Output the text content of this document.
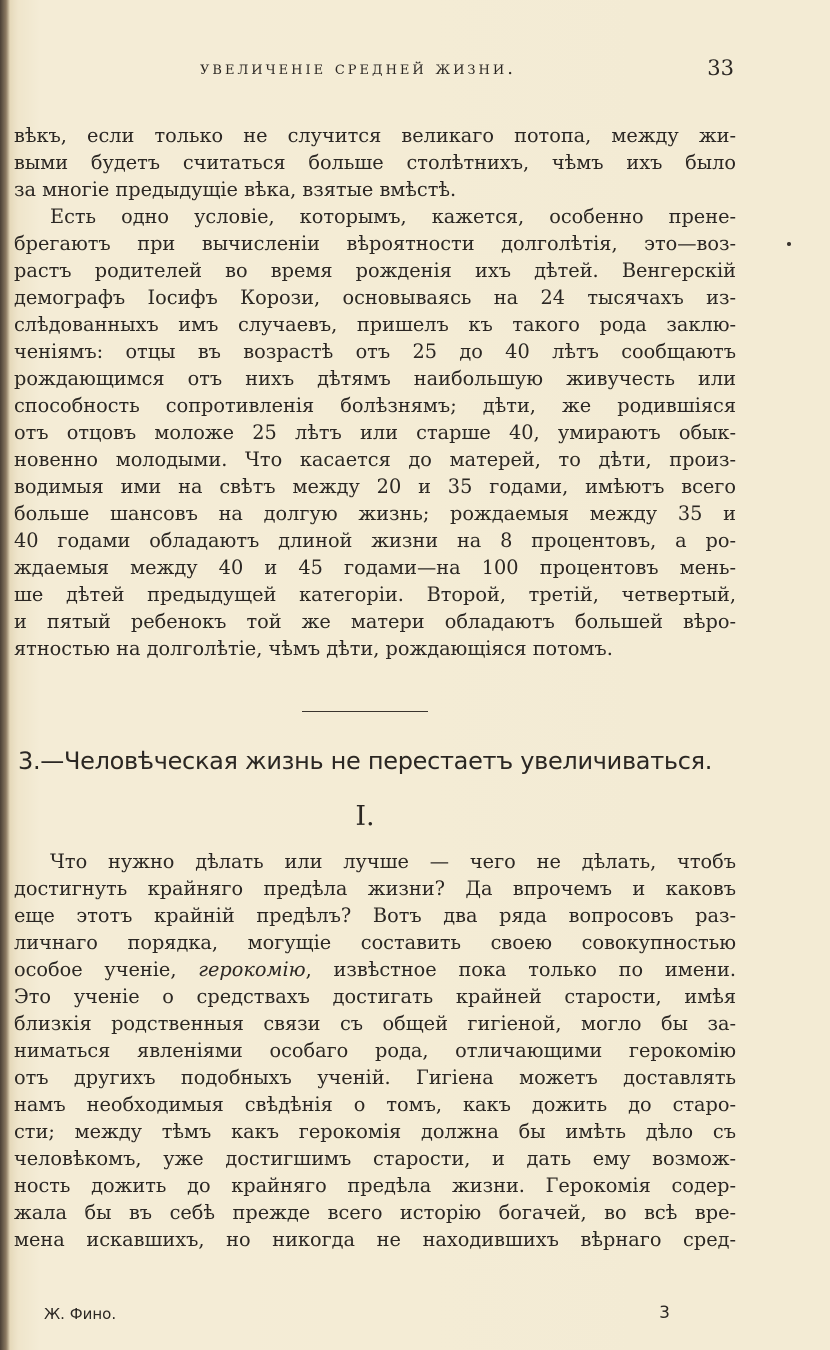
увеличеніе средней жизни.	33

вѣкъ, если только не случится великаго потопа, между жи-

выми будетъ считаться больше столѣтнихъ, чѣмъ ихъ было

за многіе предыдущіе вѣка, взятые вмѣстѣ.

Есть одно условіе, которымъ, кажется, особенно прене-

брегаютъ при вычисленіи вѣроятности долголѣтія, это—воз-

растъ родителей во время рожденія ихъ дѣтей. Венгерскій

демографъ Іосифъ Корози, основываясь на 24 тысячахъ из-

слѣдованныхъ имъ случаевъ, пришелъ къ такого рода заклю-

ченіямъ: отцы въ возрастѣ отъ 25 до 40 лѣтъ сообщаютъ

рождающимся отъ нихъ дѣтямъ наибольшую живучесть или

способность сопротивленія болѣзнямъ; дѣти, же родившіяся

отъ отцовъ моложе 25 лѣтъ или старше 40, умираютъ обык-

новенно молодыми. Что касается до матерей, то дѣти, произ-

водимыя ими на свѣтъ между 20 и 35 годами, имѣютъ всего

больше шансовъ на долгую жизнь; рождаемыя между 35 и

40 годами обладаютъ длиной жизни на 8 процентовъ, а ро-

ждаемыя между 40 и 45 годами—на 100 процентовъ мень-

ше дѣтей предыдущей категоріи. Второй, третій, четвертый,

и пятый ребенокъ той же матери обладаютъ большей вѣро-

ятностью на долголѣтіе, чѣмъ дѣти, рождающіяся потомъ.

3.—Человѣческая жизнь не перестаетъ увеличиваться.
I.

Что нужно дѣлать или лучше — чего не дѣлать, чтобъ

достигнуть крайняго предѣла жизни? Да впрочемъ и каковъ

еще этотъ крайній предѣлъ? Вотъ два ряда вопросовъ раз-

личнаго порядка, могущіе составить своею совокупностью

особое ученіе, герокомію, извѣстное пока только по имени.

Это ученіе о средствахъ достигать крайней старости, имѣя

близкія родственныя связи съ общей гигіеной, могло бы за-

ниматься явленіями особаго рода, отличающими герокомію

отъ другихъ подобныхъ ученій. Гигіена можетъ доставлять

намъ необходимыя свѣдѣнія о томъ, какъ дожить до старо-

сти; между тѣмъ какъ герокомія должна бы имѣть дѣло съ

человѣкомъ, уже достигшимъ старости, и дать ему возмож-

ность дожить до крайняго предѣла жизни. Герокомія содер-

жала бы въ себѣ прежде всего исторію богачей, во всѣ вре-

мена искавшихъ, но никогда не находившихъ вѣрнаго сред-

Ж. Фино.	3
